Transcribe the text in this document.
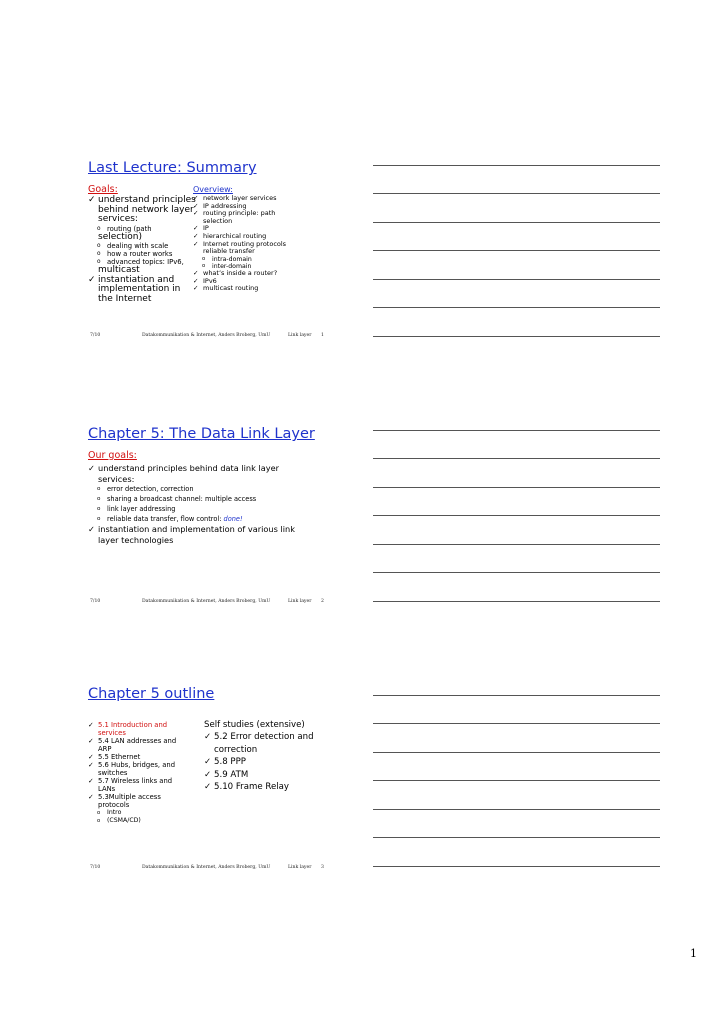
Last Lecture: Summary
Goals:
✓ understand principles
behind network layer
services:
o routing (path
selection)
o dealing with scale
o how a router works
o advanced topics: IPv6,
multicast
✓ instantiation and
implementation in
the Internet
Overview:
✓ network layer services
✓ IP addressing
✓ routing principle: path
selection
✓ IP
✓ hierarchical routing
✓ Internet routing protocols
reliable transfer
o intra-domain
o inter-domain
✓ what’s inside a router?
✓ IPv6
✓ multicast routing
7/10	Datakommunikation & Internet, Anders Broberg, UmU	Link layer 1
Chapter 5: The Data Link Layer
Our goals:
✓ understand principles behind data link layer
services:
o error detection, correction
o sharing a broadcast channel: multiple access
o link layer addressing
o reliable data transfer, flow control: done!
✓ instantiation and implementation of various link
layer technologies
7/10	Datakommunikation & Internet, Anders Broberg, UmU	Link layer 2
Chapter 5 outline
✓ 5.1 Introduction and
services
✓ 5.4 LAN addresses and
ARP
✓ 5.5 Ethernet
✓ 5.6 Hubs, bridges, and
switches
✓ 5.7 Wireless links and
LANs
✓ 5.3Multiple access
protocols
o Intro
o (CSMA/CD)
Self studies (extensive)
✓ 5.2 Error detection and
correction
✓ 5.8 PPP
✓ 5.9 ATM
✓ 5.10 Frame Relay
7/10	Datakommunikation & Internet, Anders Broberg, UmU	Link layer 3
1
